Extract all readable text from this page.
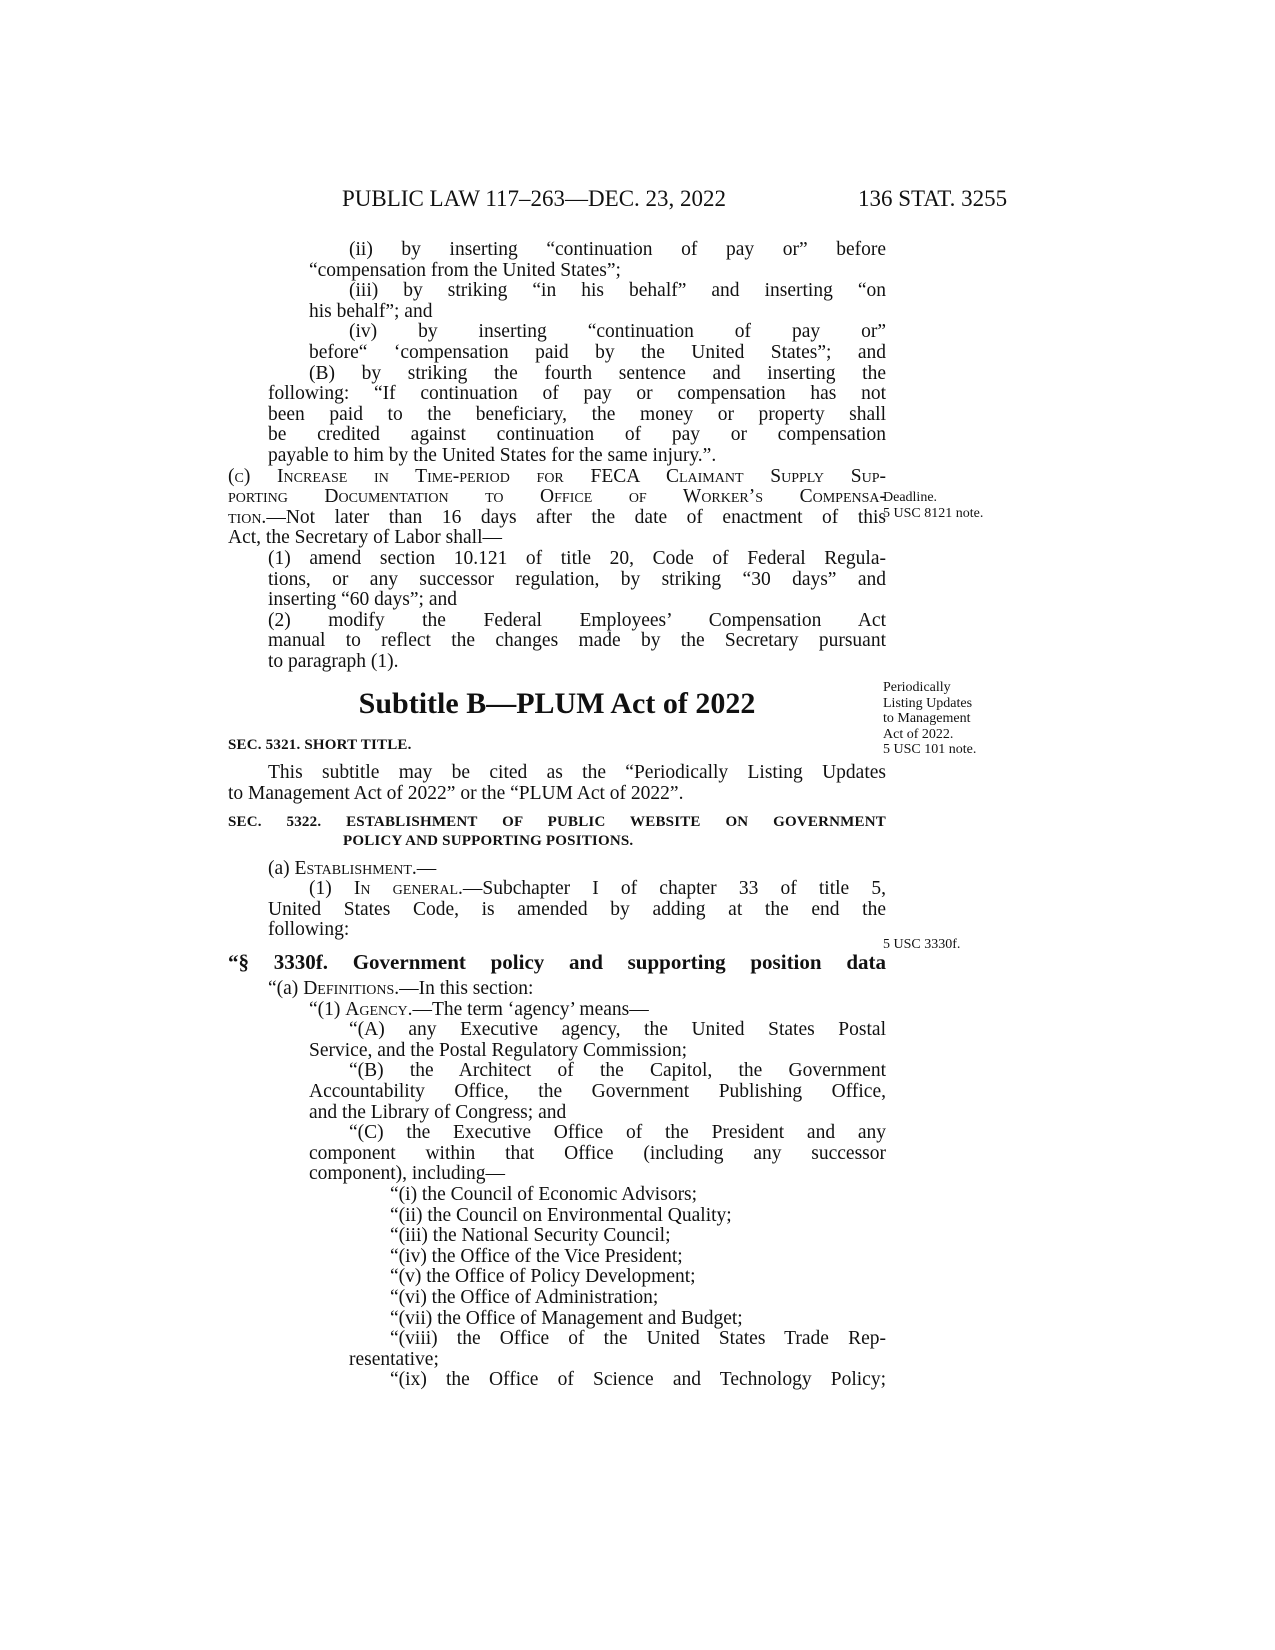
PUBLIC LAW 117–263—DEC. 23, 2022	136 STAT. 3255
Deadline.
5 USC 8121 note.
Periodically
Listing Updates
to Management
Act of 2022.
5 USC 101 note.
5 USC 3330f.

(ii) by inserting “continuation of pay or” before

“compensation from the United States”;

(iii) by striking “in his behalf” and inserting “on

his behalf”; and

(iv) by inserting “continuation of pay or”

before“ ‘compensation paid by the United States”; and

(B) by striking the fourth sentence and inserting the

following: “If continuation of pay or compensation has not

been paid to the beneficiary, the money or property shall

be credited against continuation of pay or compensation

payable to him by the United States for the same injury.”.

(c) Increase in Time-period for FECA Claimant Supply Sup-

porting Documentation to Office of Worker’s Compensa-

tion.—Not later than 16 days after the date of enactment of this

Act, the Secretary of Labor shall—

(1) amend section 10.121 of title 20, Code of Federal Regula-

tions, or any successor regulation, by striking “30 days” and

inserting “60 days”; and

(2) modify the Federal Employees’ Compensation Act

manual to reflect the changes made by the Secretary pursuant

to paragraph (1).

Subtitle B—PLUM Act of 2022

SEC. 5321. SHORT TITLE.

This subtitle may be cited as the “Periodically Listing Updates

to Management Act of 2022” or the “PLUM Act of 2022”.

SEC. 5322. ESTABLISHMENT OF PUBLIC WEBSITE ON GOVERNMENT

POLICY AND SUPPORTING POSITIONS.

(a) Establishment.—

(1) In general.—Subchapter I of chapter 33 of title 5,

United States Code, is amended by adding at the end the

following:

“§ 3330f. Government policy and supporting position data

“(a) Definitions.—In this section:

“(1) Agency.—The term ‘agency’ means—

“(A) any Executive agency, the United States Postal

Service, and the Postal Regulatory Commission;

“(B) the Architect of the Capitol, the Government

Accountability Office, the Government Publishing Office,

and the Library of Congress; and

“(C) the Executive Office of the President and any

component within that Office (including any successor

component), including—

“(i) the Council of Economic Advisors;

“(ii) the Council on Environmental Quality;

“(iii) the National Security Council;

“(iv) the Office of the Vice President;

“(v) the Office of Policy Development;

“(vi) the Office of Administration;

“(vii) the Office of Management and Budget;

“(viii) the Office of the United States Trade Rep-

resentative;

“(ix) the Office of Science and Technology Policy;
